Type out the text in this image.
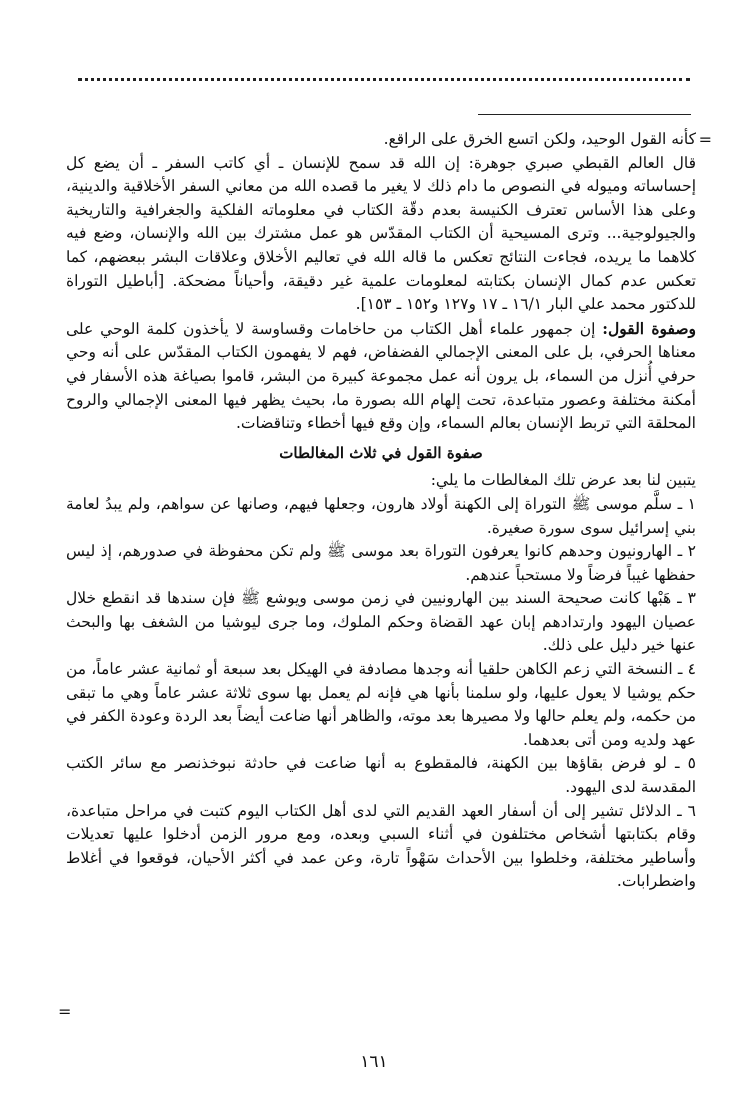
=

كأنه القول الوحيد، ولكن اتسع الخرق على الراقع.

قال العالم القبطي صبري جوهرة: إن الله قد سمح للإنسان ـ أي كاتب السفر ـ أن يضع كل إحساساته وميوله في النصوص ما دام ذلك لا يغير ما قصده الله من معاني السفر الأخلاقية والدينية، وعلى هذا الأساس تعترف الكنيسة بعدم دقّة الكتاب في معلوماته الفلكية والجغرافية والتاريخية والجيولوجية... وترى المسيحية أن الكتاب المقدّس هو عمل مشترك بين الله والإنسان، وضع فيه كلاهما ما يريده، فجاءت النتائج تعكس ما قاله الله في تعاليم الأخلاق وعلاقات البشر ببعضهم، كما تعكس عدم كمال الإنسان بكتابته لمعلومات علمية غير دقيقة، وأحياناً مضحكة. [أباطيل التوراة للدكتور محمد علي البار ١٦/١ ـ ١٧ و١٢٧ و١٥٢ ـ ١٥٣].

وصفوة القول: إن جمهور علماء أهل الكتاب من حاخامات وقساوسة لا يأخذون كلمة الوحي على معناها الحرفي، بل على المعنى الإجمالي الفضفاض، فهم لا يفهمون الكتاب المقدّس على أنه وحي حرفي أُنزل من السماء، بل يرون أنه عمل مجموعة كبيرة من البشر، قاموا بصياغة هذه الأسفار في أمكنة مختلفة وعصور متباعدة، تحت إلهام الله بصورة ما، بحيث يظهر فيها المعنى الإجمالي والروح المحلقة التي تربط الإنسان بعالم السماء، وإن وقع فيها أخطاء وتناقضات.

صفوة القول في ثلاث المغالطات

يتبين لنا بعد عرض تلك المغالطات ما يلي:

١ ـ سلَّم موسى ﷺ التوراة إلى الكهنة أولاد هارون، وجعلها فيهم، وصانها عن سواهم، ولم يبدُ لعامة بني إسرائيل سوى سورة صغيرة.

٢ ـ الهارونيون وحدهم كانوا يعرفون التوراة بعد موسى ﷺ ولم تكن محفوظة في صدورهم، إذ ليس حفظها غيباً فرضاً ولا مستحباً عندهم.

٣ ـ هَبْها كانت صحيحة السند بين الهارونيين في زمن موسى ويوشع ﷺ فإن سندها قد انقطع خلال عصيان اليهود وارتدادهم إبان عهد القضاة وحكم الملوك، وما جرى ليوشيا من الشغف بها والبحث عنها خير دليل على ذلك.

٤ ـ النسخة التي زعم الكاهن حلقيا أنه وجدها مصادفة في الهيكل بعد سبعة أو ثمانية عشر عاماً، من حكم يوشيا لا يعول عليها، ولو سلمنا بأنها هي فإنه لم يعمل بها سوى ثلاثة عشر عاماً وهي ما تبقى من حكمه، ولم يعلم حالها ولا مصيرها بعد موته، والظاهر أنها ضاعت أيضاً بعد الردة وعودة الكفر في عهد ولديه ومن أتى بعدهما.

٥ ـ لو فرض بقاؤها بين الكهنة، فالمقطوع به أنها ضاعت في حادثة نبوخذنصر مع سائر الكتب المقدسة لدى اليهود.

٦ ـ الدلائل تشير إلى أن أسفار العهد القديم التي لدى أهل الكتاب اليوم كتبت في مراحل متباعدة، وقام بكتابتها أشخاص مختلفون في أثناء السبي وبعده، ومع مرور الزمن أدخلوا عليها تعديلات وأساطير مختلفة، وخلطوا بين الأحداث سَهْواً تارة، وعن عمد في أكثر الأحيان، فوقعوا في أغلاط واضطرابات.

=
١٦١
